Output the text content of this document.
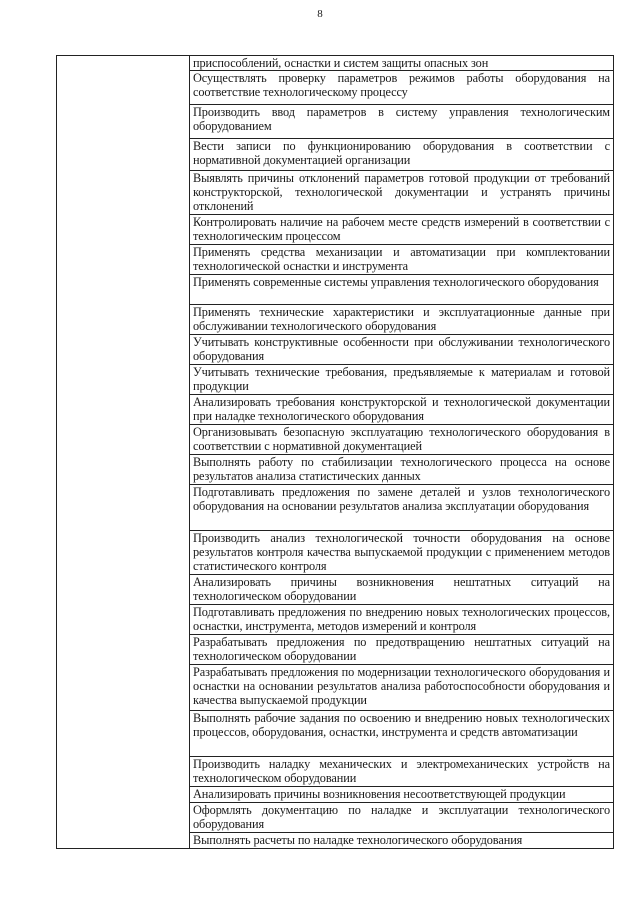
8

приспособлений, оснастки и систем защиты опасных зон

Осуществлять проверку параметров режимов работы оборудования на соответствие технологическому процессу

Производить ввод параметров в систему управления технологическим оборудованием

Вести записи по функционированию оборудования в соответствии с нормативной документацией организации

Выявлять причины отклонений параметров готовой продукции от требований конструкторской, технологической документации и устранять причины отклонений

Контролировать наличие на рабочем месте средств измерений в соответствии с технологическим процессом

Применять средства механизации и автоматизации при комплектовании технологической оснастки и инструмента

Применять современные системы управления технологического оборудования

Применять технические характеристики и эксплуатационные данные при обслуживании технологического оборудования

Учитывать конструктивные особенности при обслуживании технологического оборудования

Учитывать технические требования, предъявляемые к материалам и готовой продукции

Анализировать требования конструкторской и технологической документации при наладке технологического оборудования

Организовывать безопасную эксплуатацию технологического оборудования в соответствии с нормативной документацией

Выполнять работу по стабилизации технологического процесса на основе результатов анализа статистических данных

Подготавливать предложения по замене деталей и узлов технологического оборудования на основании результатов анализа эксплуатации оборудования

Производить анализ технологической точности оборудования на основе результатов контроля качества выпускаемой продукции с применением методов статистического контроля

Анализировать причины возникновения нештатных ситуаций на технологическом оборудовании

Подготавливать предложения по внедрению новых технологических процессов, оснастки, инструмента, методов измерений и контроля

Разрабатывать предложения по предотвращению нештатных ситуаций на технологическом оборудовании

Разрабатывать предложения по модернизации технологического оборудования и оснастки на основании результатов анализа работоспособности оборудования и качества выпускаемой продукции

Выполнять рабочие задания по освоению и внедрению новых технологических процессов, оборудования, оснастки, инструмента и средств автоматизации

Производить наладку механических и электромеханических устройств на технологическом оборудовании

Анализировать причины возникновения несоответствующей продукции

Оформлять документацию по наладке и эксплуатации технологического оборудования

Выполнять расчеты по наладке технологического оборудования
